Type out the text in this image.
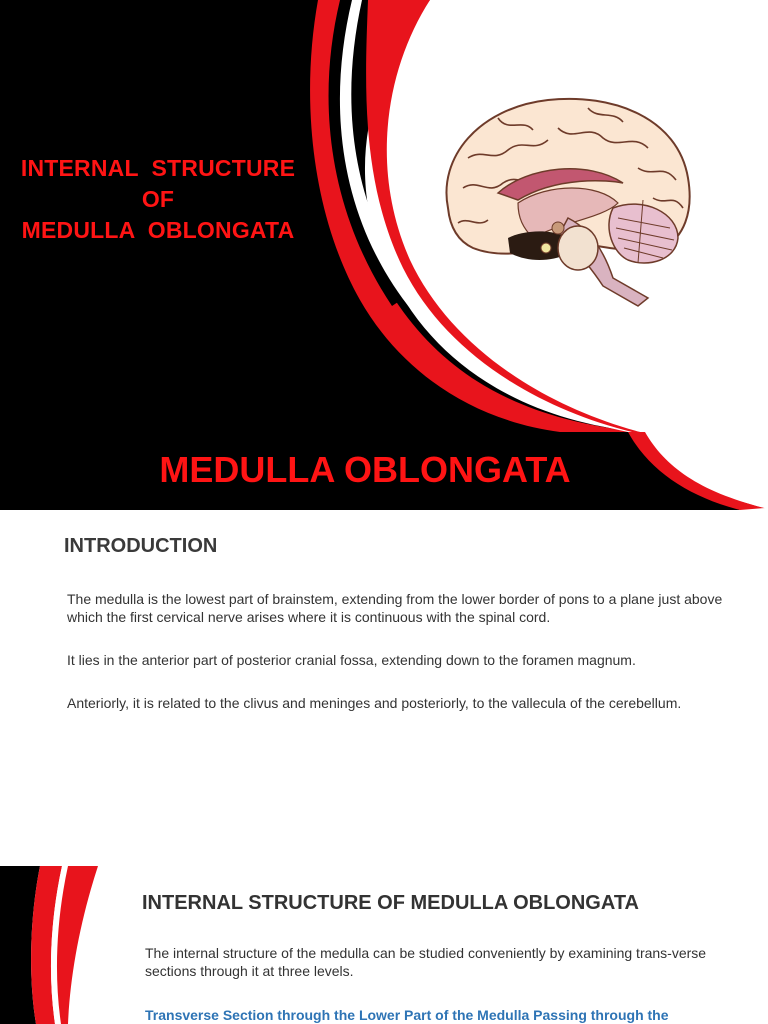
INTERNAL  STRUCTURE
OF
MEDULLA  OBLONGATA
MEDULLA OBLONGATA
INTRODUCTION

The medulla is the lowest part of brainstem, extending from the lower border of pons to a plane just above which the first cervical nerve arises where it is continuous with the spinal cord.

It lies in the anterior part of posterior cranial fossa, extending down to the foramen magnum.

Anteriorly, it is related to the clivus and meninges and posteriorly, to the vallecula of the cerebellum.

INTERNAL STRUCTURE OF MEDULLA OBLONGATA

The internal structure of the medulla can be studied conveniently by examining trans-verse sections through it at three levels.

Transverse Section through the Lower Part of the Medulla Passing through the
